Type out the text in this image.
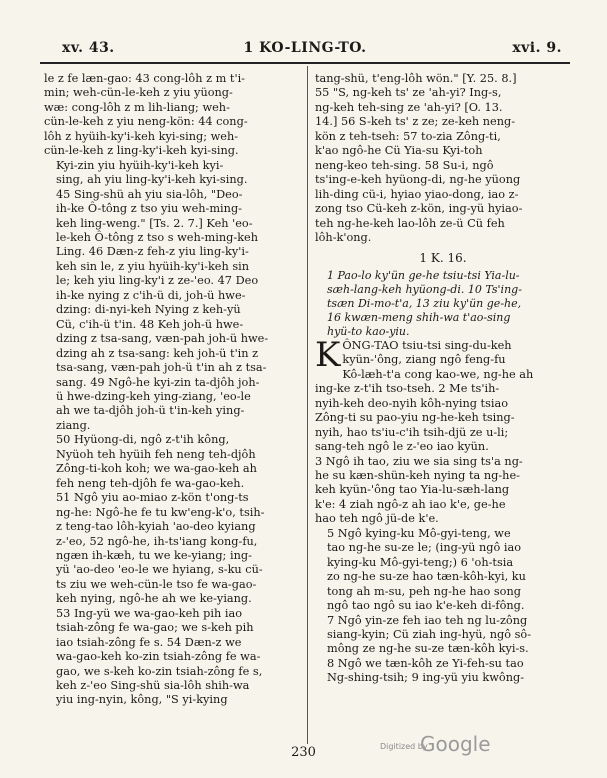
xv. 43.	1 KO-LING-TO.	xvi. 9.

le z fe læn-gao: 43 cong-lôh z m t'i-
min; weh-cün-le-keh z yiu yüong-
wæ: cong-lôh z m lih-liang; weh-
cün-le-keh z yiu neng-kön: 44 cong-
lôh z hyüih-ky'i-keh kyi-sing; weh-
cün-le-keh z ling-ky'i-keh kyi-sing.

Kyi-zin yiu hyüih-ky'i-keh kyi-
sing, ah yiu ling-ky'i-keh kyi-sing.
45 Sing-shü ah yiu sia-lôh, "Deo-
ih-ke Ô-tông z tso yiu weh-ming-
keh ling-weng." [Ts. 2. 7.] Keh 'eo-
le-keh Ô-tông z tso s weh-ming-keh
Ling. 46 Dæn-z feh-z yiu ling-ky'i-
keh sin le, z yiu hyüih-ky'i-keh sin
le; keh yiu ling-ky'i z ze-'eo. 47 Deo
ih-ke nying z c'ih-ü di, joh-ü hwe-
dzing: di-nyi-keh Nying z keh-yü
Cü, c'ih-ü t'in. 48 Keh joh-ü hwe-
dzing z tsa-sang, væn-pah joh-ü hwe-
dzing ah z tsa-sang: keh joh-ü t'in z
tsa-sang, væn-pah joh-ü t'in ah z tsa-
sang. 49 Ngô-he kyi-zin ta-djôh joh-
ü hwe-dzing-keh ying-ziang, 'eo-le
ah we ta-djôh joh-ü t'in-keh ying-
ziang.

50 Hyüong-di, ngô z-t'ih kông,
Nyüoh teh hyüih feh neng teh-djôh
Zông-ti-koh koh; we wa-gao-keh ah
feh neng teh-djôh fe wa-gao-keh.
51 Ngô yiu ao-miao z-kön t'ong-ts
ng-he: Ngô-he fe tu kw'eng-k'o, tsih-
z teng-tao lôh-kyiah 'ao-deo kyiang
z-'eo, 52 ngô-he, ih-ts'iang kong-fu,
ngæn ih-kæh, tu we ke-yiang; ing-
yü 'ao-deo 'eo-le we hyiang, s-ku cü-
ts ziu we weh-cün-le tso fe wa-gao-
keh nying, ngô-he ah we ke-yiang.
53 Ing-yü we wa-gao-keh pih iao
tsiah-zông fe wa-gao; we s-keh pih
iao tsiah-zông fe s. 54 Dæn-z we
wa-gao-keh ko-zin tsiah-zông fe wa-
gao, we s-keh ko-zin tsiah-zông fe s,
keh z-'eo Sing-shü sia-lôh shih-wa
yiu ing-nyin, kông, "S yi-kying

tang-shü, t'eng-lôh wön." [Y. 25. 8.]
55 "S, ng-keh ts' ze 'ah-yi? Ing-s,
ng-keh teh-sing ze 'ah-yi? [O. 13.
14.] 56 S-keh ts' z ze; ze-keh neng-
kön z teh-tseh: 57 to-zia Zông-ti,
k'ao ngô-he Cü Yia-su Kyi-toh
neng-keo teh-sing. 58 Su-i, ngô
ts'ing-e-keh hyüong-di, ng-he yüong
lih-ding cü-i, hyiao yiao-dong, iao z-
zong tso Cü-keh z-kön, ing-yü hyiao-
teh ng-he-keh lao-lôh ze-ü Cü feh
lôh-k'ong.

1 K. 16.

1 Pao-lo ky'ün ge-he tsiu-tsi Yia-lu-
sæh-lang-keh hyüong-di. 10 Ts'ing-
tsæn Di-mo-t'a, 13 ziu ky'ün ge-he,
16 kwæn-meng shih-wa t'ao-sing
hyü-to kao-yiu.

K ÔNG-TAO tsiu-tsi sing-du-keh
kyün-'ông, ziang ngô feng-fu
Kô-læh-t'a cong kao-we, ng-he ah
ing-ke z-t'ih tso-tseh. 2 Me ts'ih-
nyih-keh deo-nyih kôh-nying tsiao
Zông-ti su pao-yiu ng-he-keh tsing-
nyih, hao ts'iu-c'ih tsih-djü ze u-li;
sang-teh ngô le z-'eo iao kyün.
3 Ngô ih tao, ziu we sia sing ts'a ng-
he su kæn-shün-keh nying ta ng-he-
keh kyün-'ông tao Yia-lu-sæh-lang
k'e: 4 ziah ngô-z ah iao k'e, ge-he
hao teh ngô jü-de k'e.

5 Ngô kying-ku Mô-gyi-teng, we
tao ng-he su-ze le; (ing-yü ngô iao
kying-ku Mô-gyi-teng;) 6 'oh-tsia
zo ng-he su-ze hao tæn-kôh-kyi, ku
tong ah m-su, peh ng-he hao song
ngô tao ngô su iao k'e-keh di-fông.
7 Ngô yin-ze feh iao teh ng lu-zông
siang-kyin; Cü ziah ing-hyü, ngô sô-
mông ze ng-he su-ze tæn-kôh kyi-s.
8 Ngô we tæn-kôh ze Yi-feh-su tao
Ng-shing-tsih; 9 ing-yü yiu kwông-

230	Digitized by
Google
